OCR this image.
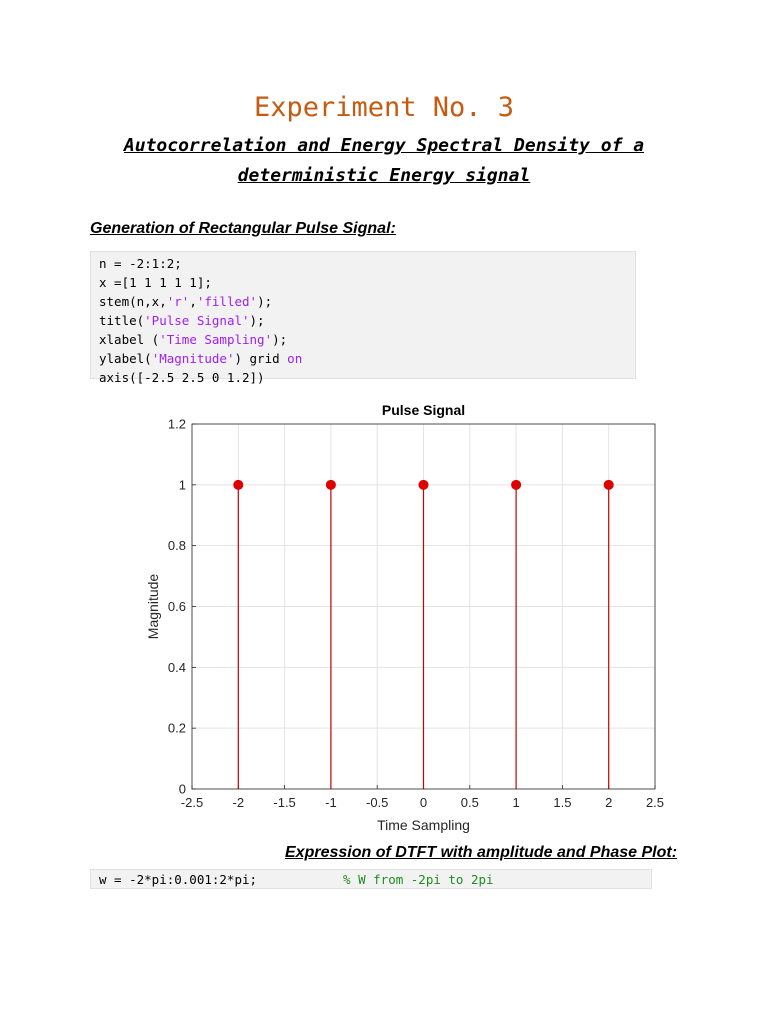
Experiment No. 3
Autocorrelation and Energy Spectral Density of a
deterministic Energy signal
Generation of Rectangular Pulse Signal:
n = -2:1:2;
x =[1 1 1 1 1];
stem(n,x,'r','filled');
title('Pulse Signal');
xlabel ('Time Sampling');
ylabel('Magnitude') grid on
axis([-2.5 2.5 0 1.2])
-2.5 -2 -1.5 -1 -0.5 0	0.5	1	1.5	2	2.5
0
0.2
0.4
0.6
0.8
1
1.2
Pulse Signal
Time Sampling
Magnitude
Expression of DTFT with amplitude and Phase Plot:
w = -2*pi:0.001:2*pi;	% W from -2pi to 2pi
